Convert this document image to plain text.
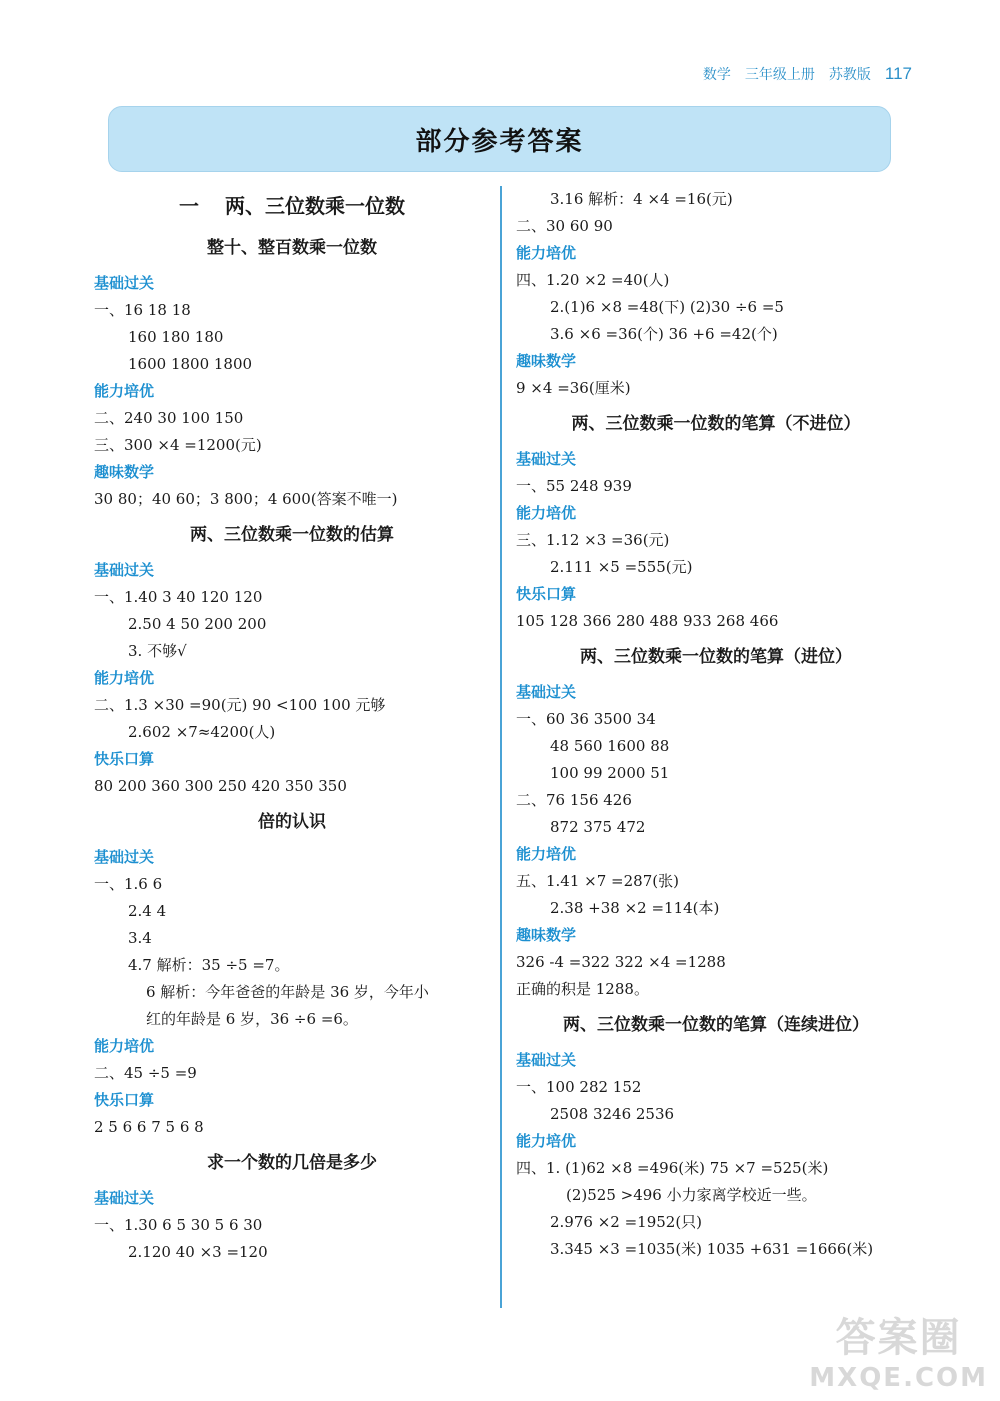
数学 三年级上册 苏教版 117
部分参考答案
一 两、三位数乘一位数
整十、整百数乘一位数
基础过关
一、16 18 18
160 180 180
1600 1800 1800
能力培优
二、240 30 100 150
三、300 ×4 =1200(元)
趣味数学
30 80；40 60；3 800；4 600(答案不唯一)
两、三位数乘一位数的估算
基础过关
一、1.40 3 40 120 120
2.50 4 50 200 200
3. 不够√
能力培优
二、1.3 ×30 =90(元) 90 <100 100 元够
2.602 ×7≈4200(人)
快乐口算
80 200 360 300 250 420 350 350
倍的认识
基础过关
一、1.6 6
2.4 4
3.4
4.7 解析：35 ÷5 =7。
6 解析：今年爸爸的年龄是 36 岁，今年小
红的年龄是 6 岁，36 ÷6 =6。
能力培优
二、45 ÷5 =9
快乐口算
2 5 6 6 7 5 6 8
求一个数的几倍是多少
基础过关
一、1.30 6 5 30 5 6 30
2.120 40 ×3 =120
3.16 解析：4 ×4 =16(元)
二、30 60 90
能力培优
四、1.20 ×2 =40(人)
2.(1)6 ×8 =48(下) (2)30 ÷6 =5
3.6 ×6 =36(个) 36 +6 =42(个)
趣味数学
9 ×4 =36(厘米)
两、三位数乘一位数的笔算（不进位）
基础过关
一、55 248 939
能力培优
三、1.12 ×3 =36(元)
2.111 ×5 =555(元)
快乐口算
105 128 366 280 488 933 268 466
两、三位数乘一位数的笔算（进位）
基础过关
一、60 36 3500 34
48 560 1600 88
100 99 2000 51
二、76 156 426
872 375 472
能力培优
五、1.41 ×7 =287(张)
2.38 +38 ×2 =114(本)
趣味数学
326 -4 =322 322 ×4 =1288
正确的积是 1288。
两、三位数乘一位数的笔算（连续进位）
基础过关
一、100 282 152
2508 3246 2536
能力培优
四、1. (1)62 ×8 =496(米) 75 ×7 =525(米)
(2)525 >496 小力家离学校近一些。
2.976 ×2 =1952(只)
3.345 ×3 =1035(米) 1035 +631 =1666(米)
答案圈
MXQE.COM
